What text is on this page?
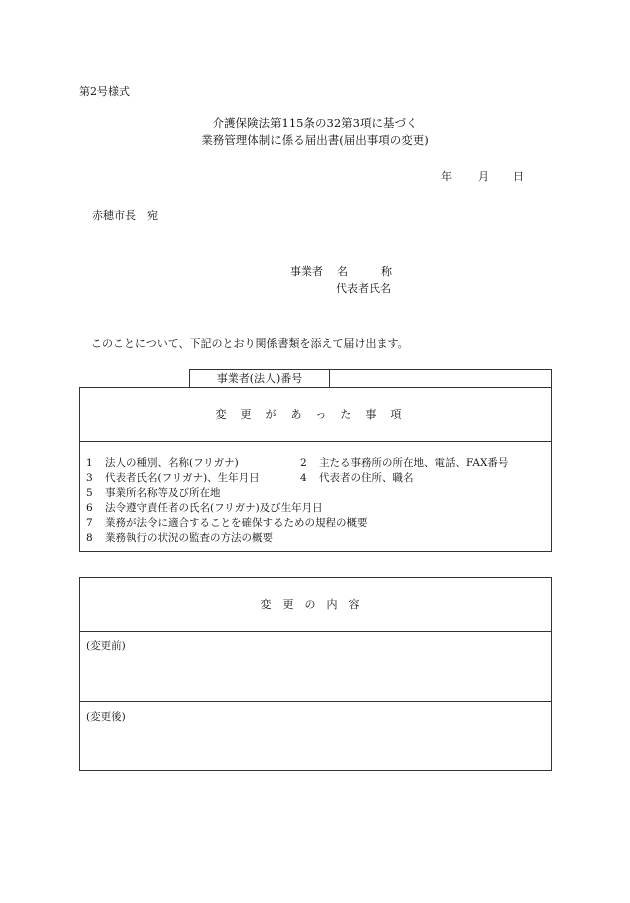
第2号様式
介護保険法第115条の32第3項に基づく
業務管理体制に係る届出書(届出事項の変更)
年 月 日
赤穂市長　宛
事業者 名　　　称
代表者氏名
このことについて、下記のとおり関係書類を添えて届け出ます。
事業者(法人)番号
変更があった事項
1 法人の種別、名称(フリガナ)	2 主たる事務所の所在地、電話、FAX番号
3 代表者氏名(フリガナ)、生年月日	4 代表者の住所、職名
5 事業所名称等及び所在地
6 法令遵守責任者の氏名(フリガナ)及び生年月日
7 業務が法令に適合することを確保するための規程の概要
8 業務執行の状況の監査の方法の概要
変更の内容
(変更前)
(変更後)
